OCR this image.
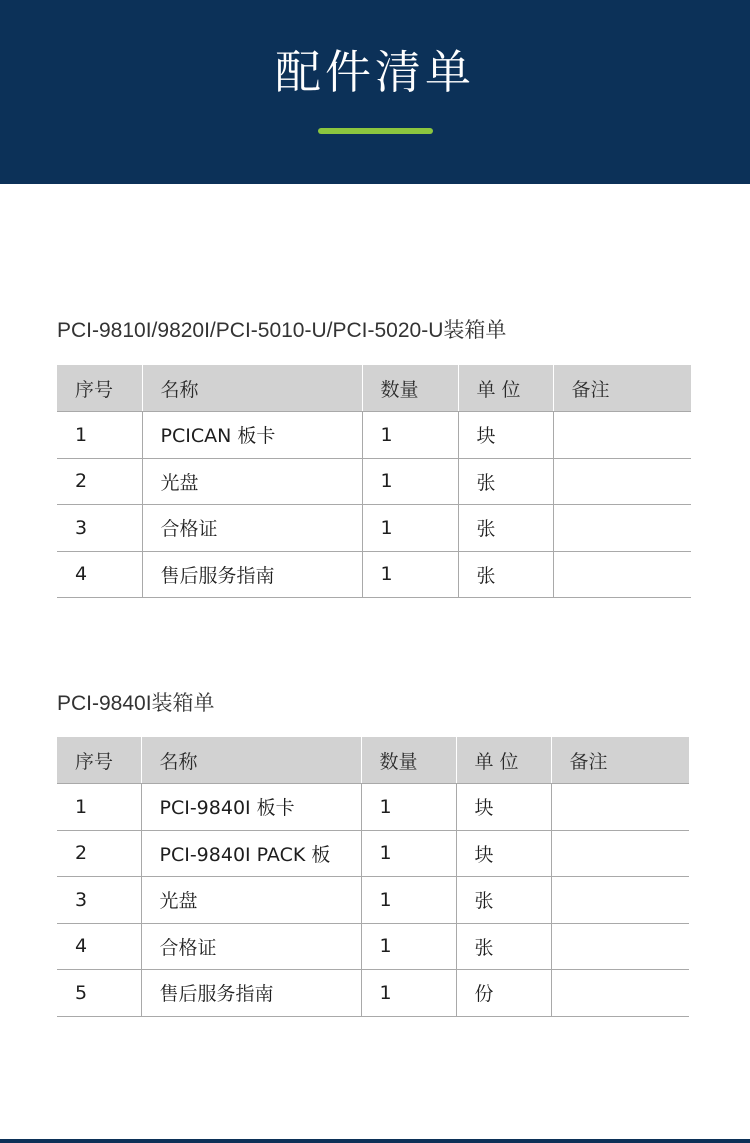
配件清单
PCI-9810I/9820I/PCI-5010-U/PCI-5020-U装箱单
序号	名称	数量	单 位	备注
1	PCICAN 板卡	1	块	
2	光盘	1	张	
3	合格证	1	张	
4	售后服务指南	1	张	
PCI-9840I装箱单
序号	名称	数量	单 位	备注
1	PCI-9840I 板卡	1	块	
2	PCI-9840I PACK 板	1	块	
3	光盘	1	张	
4	合格证	1	张	
5	售后服务指南	1	份	
